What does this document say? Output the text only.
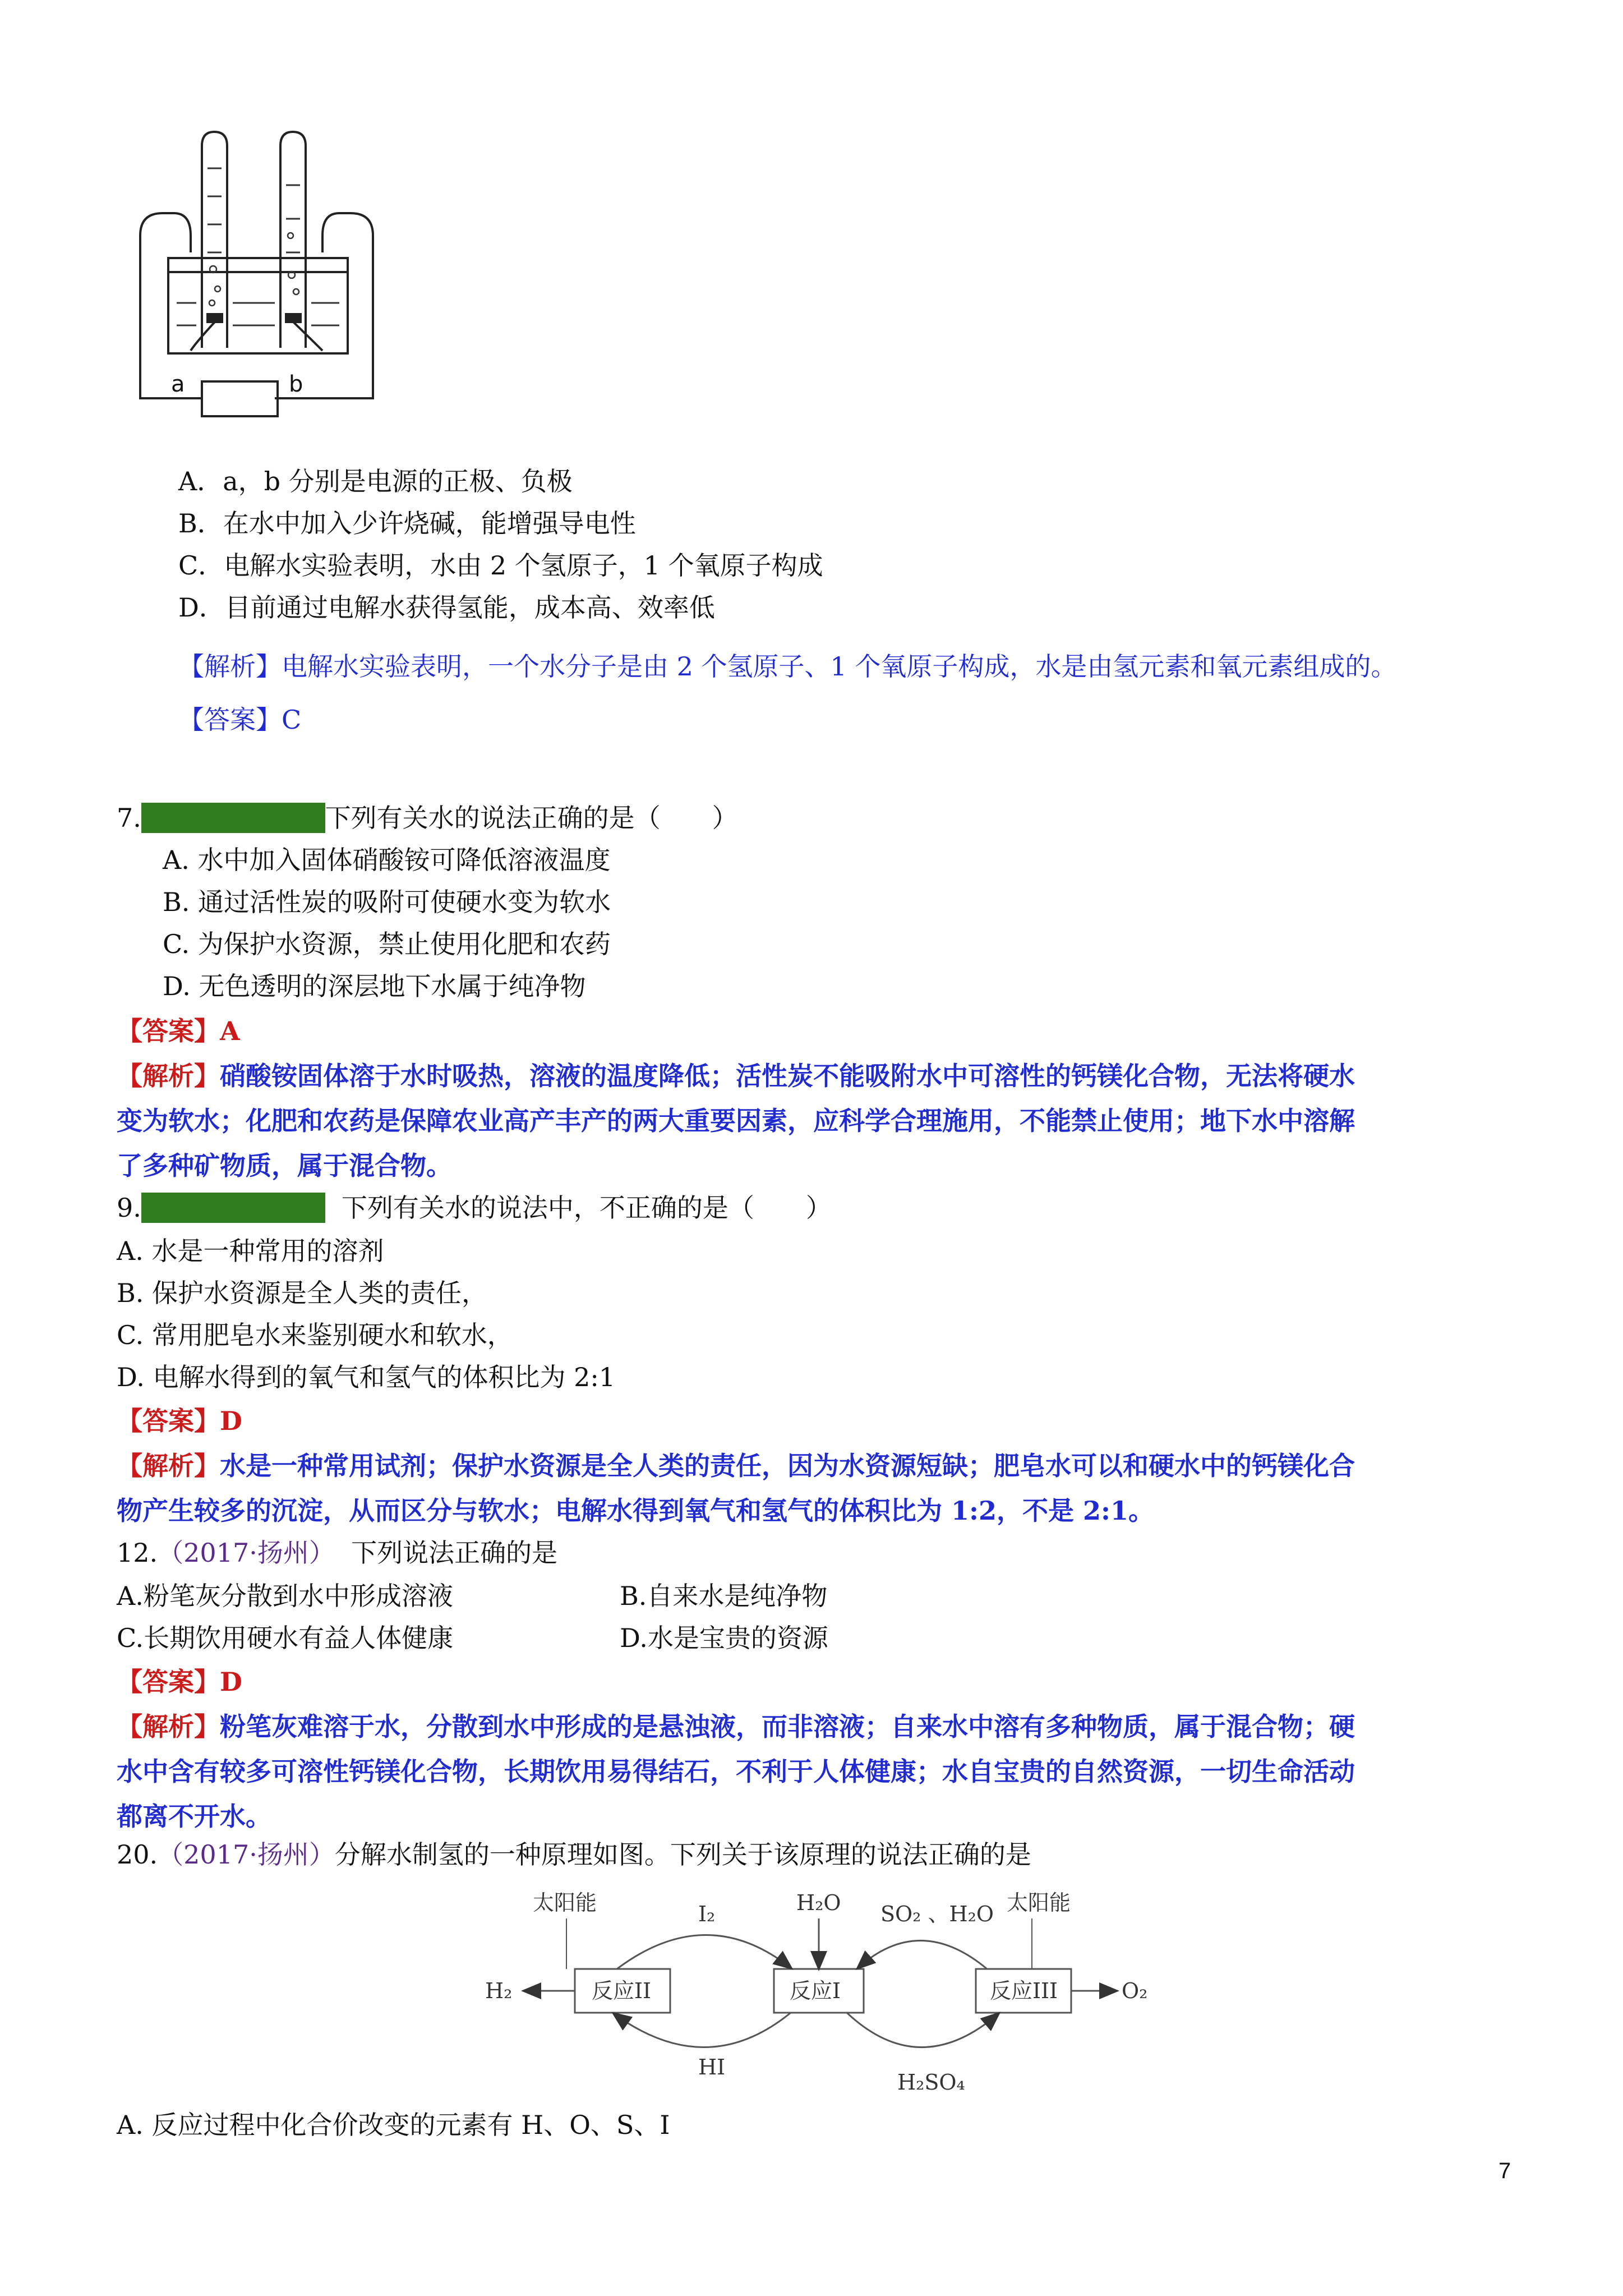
a	b
A．a，b 分别是电源的正极、负极
B．在水中加入少许烧碱，能增强导电性
C．电解水实验表明，水由 2 个氢原子，1 个氧原子构成
D．目前通过电解水获得氢能，成本高、效率低
【解析】电解水实验表明，一个水分子是由 2 个氢原子、1 个氧原子构成，水是由氢元素和氧元素组成的。
【答案】C
7. （2017·淮安） 下列有关水的说法正确的是（　　）
A. 水中加入固体硝酸铵可降低溶液温度
B. 通过活性炭的吸附可使硬水变为软水
C. 为保护水资源，禁止使用化肥和农药
D. 无色透明的深层地下水属于纯净物
【答案】A
【解析】硝酸铵固体溶于水时吸热，溶液的温度降低；活性炭不能吸附水中可溶性的钙镁化合物，无法将硬水
变为软水；化肥和农药是保障农业高产丰产的两大重要因素，应科学合理施用，不能禁止使用；地下水中溶解
了多种矿物质，属于混合物。
9. （2017·苏州） 下列有关水的说法中，不正确的是（　　）
A. 水是一种常用的溶剂
B. 保护水资源是全人类的责任，
C. 常用肥皂水来鉴别硬水和软水，
D. 电解水得到的氧气和氢气的体积比为 2:1
【答案】D
【解析】水是一种常用试剂；保护水资源是全人类的责任，因为水资源短缺；肥皂水可以和硬水中的钙镁化合
物产生较多的沉淀，从而区分与软水；电解水得到氧气和氢气的体积比为 1:2，不是 2:1。
12.（2017·扬州） 下列说法正确的是
A.粉笔灰分散到水中形成溶液	B.自来水是纯净物
C.长期饮用硬水有益人体健康	D.水是宝贵的资源
【答案】D
【解析】粉笔灰难溶于水，分散到水中形成的是悬浊液，而非溶液；自来水中溶有多种物质，属于混合物；硬
水中含有较多可溶性钙镁化合物，长期饮用易得结石，不利于人体健康；水自宝贵的自然资源，一切生命活动
都离不开水。
20.（2017·扬州）分解水制氢的一种原理如图。下列关于该原理的说法正确的是
反应II	反应I	反应III
太阳能	太阳能
I₂	H₂O SO₂ 、H₂O
H₂	O₂
HI
H₂SO₄
A. 反应过程中化合价改变的元素有 H、O、S、I
7
